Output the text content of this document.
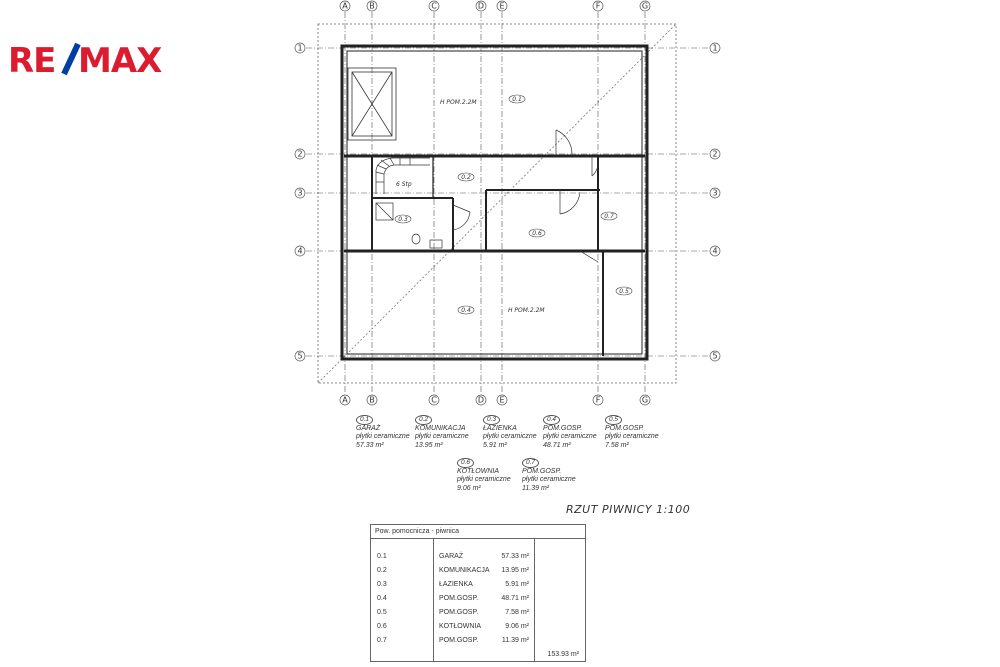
RE MAX
A	B	C	D E	F	G
A	B	C	D E	F	G
1
2
3
4
5
1
2
3
4
5
6 Stp
H POM.2.2M
H POM.2.2M
0.1
0.2
0.3
0.4
0.5
0.6
0.7
0.1
GARAŻ
płytki ceramiczne
57.33 m²
0.2
KOMUNIKACJA
płytki ceramiczne
13.95 m²
0.3
ŁAZIENKA
płytki ceramiczne
5.91 m²
0.4
POM.GOSP.
płytki ceramiczne
48.71 m²
0.5
POM.GOSP.
płytki ceramiczne
7.58 m²
0.6
KOTŁOWNIA
płytki ceramiczne
9.06 m²
0.7
POM.GOSP.
płytki ceramiczne
11.39 m²
RZUT PIWNICY 1:100
Pow. pomocnicza - piwnica
0.1	GARAŻ	57.33 m²
0.2	KOMUNIKACJA 13.95 m²
0.3	ŁAZIENKA	5.91 m²
0.4	POM.GOSP.	48.71 m²
0.5	POM.GOSP.	7.58 m²
0.6	KOTŁOWNIA	9.06 m²
0.7	POM.GOSP.	11.39 m²
153.93 m²
